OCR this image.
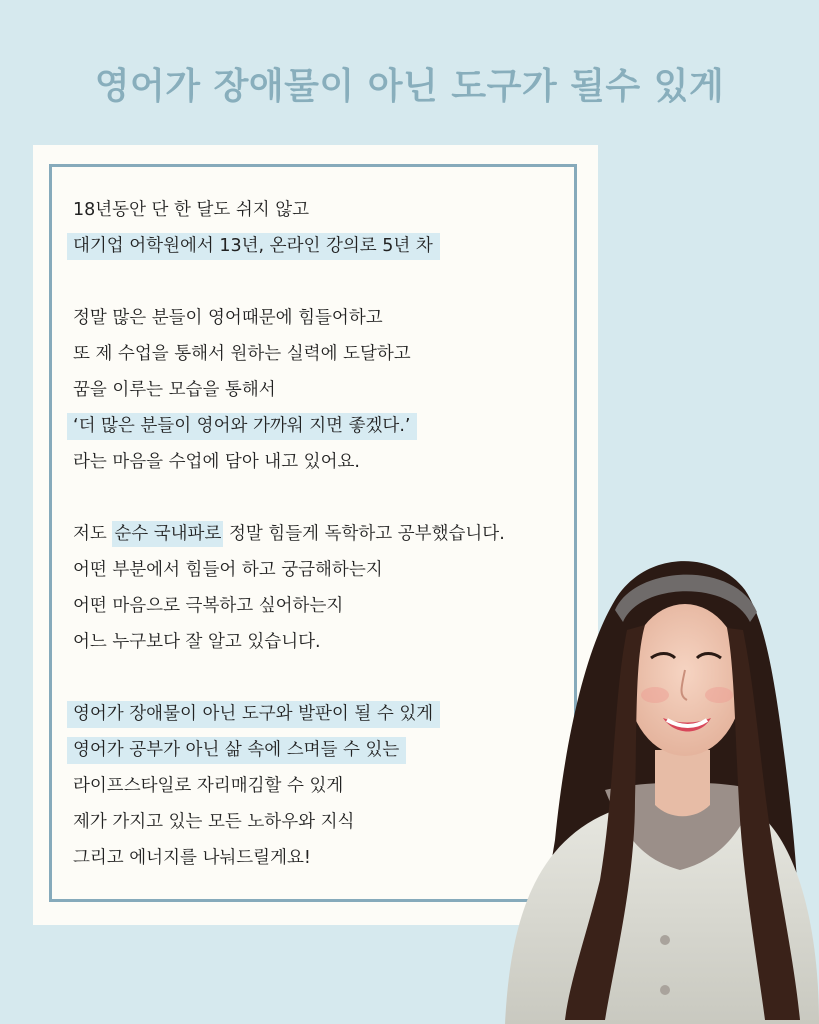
영어가 장애물이 아닌 도구가 될수 있게
18년동안 단 한 달도 쉬지 않고
대기업 어학원에서 13년, 온라인 강의로 5년 차
정말 많은 분들이 영어때문에 힘들어하고
또 제 수업을 통해서 원하는 실력에 도달하고
꿈을 이루는 모습을 통해서
‘더 많은 분들이 영어와 가까워 지면 좋겠다.’
라는 마음을 수업에 담아 내고 있어요.
저도 순수 국내파로 정말 힘들게 독학하고 공부했습니다.
어떤 부분에서 힘들어 하고 궁금해하는지
어떤 마음으로 극복하고 싶어하는지
어느 누구보다 잘 알고 있습니다.
영어가 장애물이 아닌 도구와 발판이 될 수 있게
영어가 공부가 아닌 삶 속에 스며들 수 있는
라이프스타일로 자리매김할 수 있게
제가 가지고 있는 모든 노하우와 지식
그리고 에너지를 나눠드릴게요!
